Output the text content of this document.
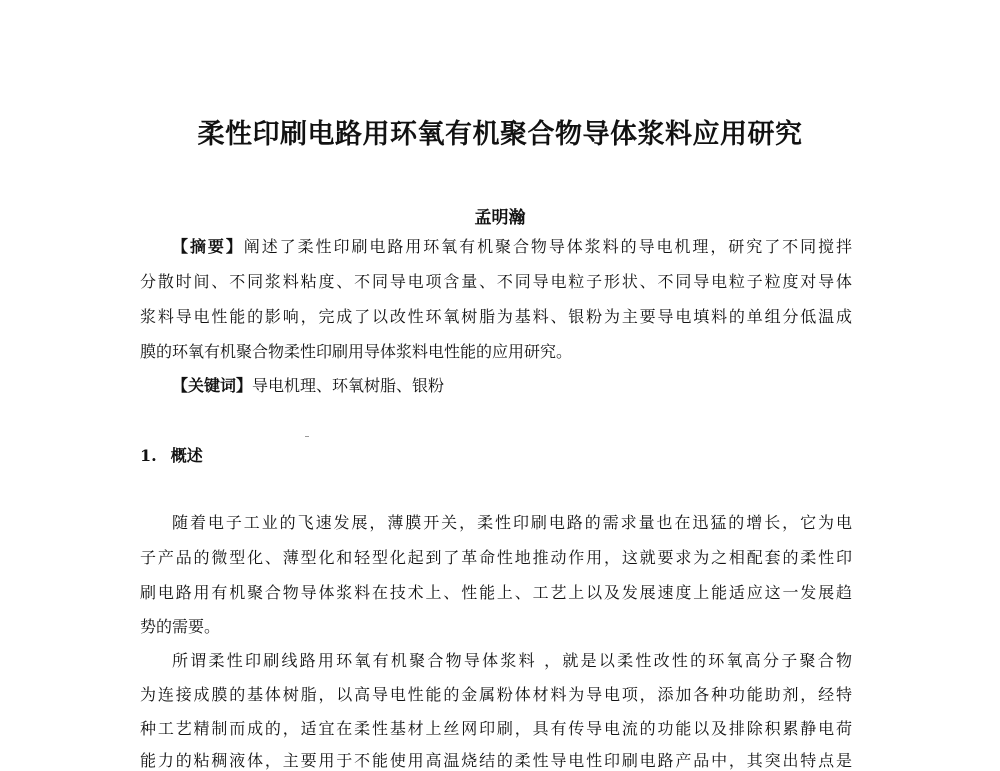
柔性印刷电路用环氧有机聚合物导体浆料应用研究
孟明瀚
【摘要】阐述了柔性印刷电路用环氧有机聚合物导体浆料的导电机理，研究了不同搅拌
分散时间、不同浆料粘度、不同导电项含量、不同导电粒子形状、不同导电粒子粒度对导体
浆料导电性能的影响，完成了以改性环氧树脂为基料、银粉为主要导电填料的单组分低温成
膜的环氧有机聚合物柔性印刷用导体浆料电性能的应用研究。
【关键词】导电机理、环氧树脂、银粉
1. 概述
随着电子工业的飞速发展，薄膜开关，柔性印刷电路的需求量也在迅猛的增长，它为电
子产品的微型化、薄型化和轻型化起到了革命性地推动作用，这就要求为之相配套的柔性印
刷电路用有机聚合物导体浆料在技术上、性能上、工艺上以及发展速度上能适应这一发展趋
势的需要。
所谓柔性印刷线路用环氧有机聚合物导体浆料 ，就是以柔性改性的环氧高分子聚合物
为连接成膜的基体树脂，以高导电性能的金属粉体材料为导电项，添加各种功能助剂，经特
种工艺精制而成的，适宜在柔性基材上丝网印刷，具有传导电流的功能以及排除积累静电荷
能力的粘稠液体，主要用于不能使用高温烧结的柔性导电性印刷电路产品中，其突出特点是
